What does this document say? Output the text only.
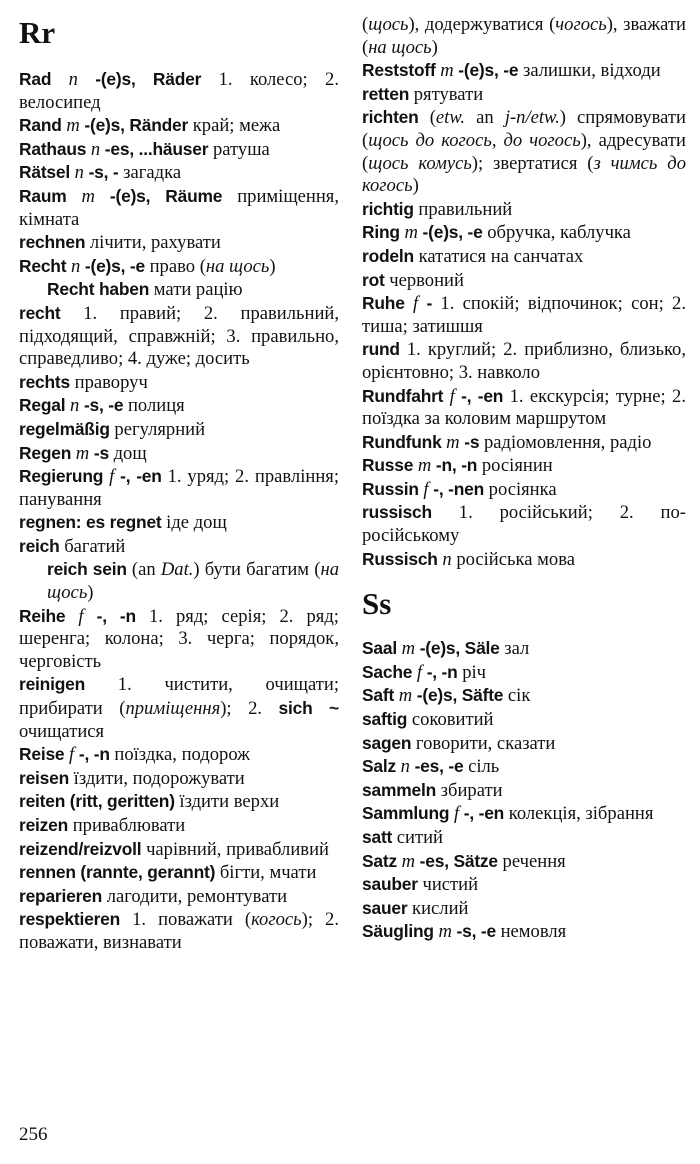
Rr

Rad n -(e)s, Räder 1. колесо; 2. велосипед

Rand m -(e)s, Ränder край; межа

Rathaus n -es, ...häuser ратуша

Rätsel n -s, - загадка

Raum m -(e)s, Räume приміщення, кімната

rechnen лічити, рахувати

Recht n -(e)s, -e право (на щось)

Recht haben мати рацію

recht 1. правий; 2. правильний, підходящий, справжній; 3. правильно, справедливо; 4. дуже; досить

rechts праворуч

Regal n -s, -e полиця

regelmäßig регулярний

Regen m -s дощ

Regierung f -, -en 1. уряд; 2. правління; панування

regnen: es regnet іде дощ

reich багатий

reich sein (an Dat.) бути багатим (на щось)

Reihe f -, -n 1. ряд; серія; 2. ряд; шеренга; колона; 3. черга; порядок, черговість

reinigen 1. чистити, очищати; прибирати (приміщення); 2. sich ~ очищатися

Reise f -, -n поїздка, подорож

reisen їздити, подорожувати

reiten (ritt, geritten) їздити верхи

reizen приваблювати

reizend/reizvoll чарівний, привабливий

rennen (rannte, gerannt) бігти, мчати

reparieren лагодити, ремонтувати

respektieren 1. поважати (когось); 2. поважати, визнавати

(щось), додержуватися (чогось), зважати (на щось)

Reststoff m -(e)s, -e залишки, відходи

retten рятувати

richten (etw. an j-n/etw.) спрямовувати (щось до когось, до чогось), адресувати (щось комусь); звертатися (з чимсь до когось)

richtig правильний

Ring m -(e)s, -e обручка, каблучка

rodeln кататися на санчатах

rot червоний

Ruhe f - 1. спокій; відпочинок; сон; 2. тиша; затишшя

rund 1. круглий; 2. приблизно, близько, орієнтовно; 3. навколо

Rundfahrt f -, -en 1. екскурсія; турне; 2. поїздка за коловим маршрутом

Rundfunk m -s радіомовлення, радіо

Russe m -n, -n росіянин

Russin f -, -nen росіянка

russisch 1. російський; 2. по-російському

Russisch n російська мова

Ss

Saal m -(e)s, Säle зал

Sache f -, -n річ

Saft m -(e)s, Säfte сік

saftig соковитий

sagen говорити, сказати

Salz n -es, -e сіль

sammeln збирати

Sammlung f -, -en колекція, зібрання

satt ситий

Satz m -es, Sätze речення

sauber чистий

sauer кислий

Säugling m -s, -e немовля

256
